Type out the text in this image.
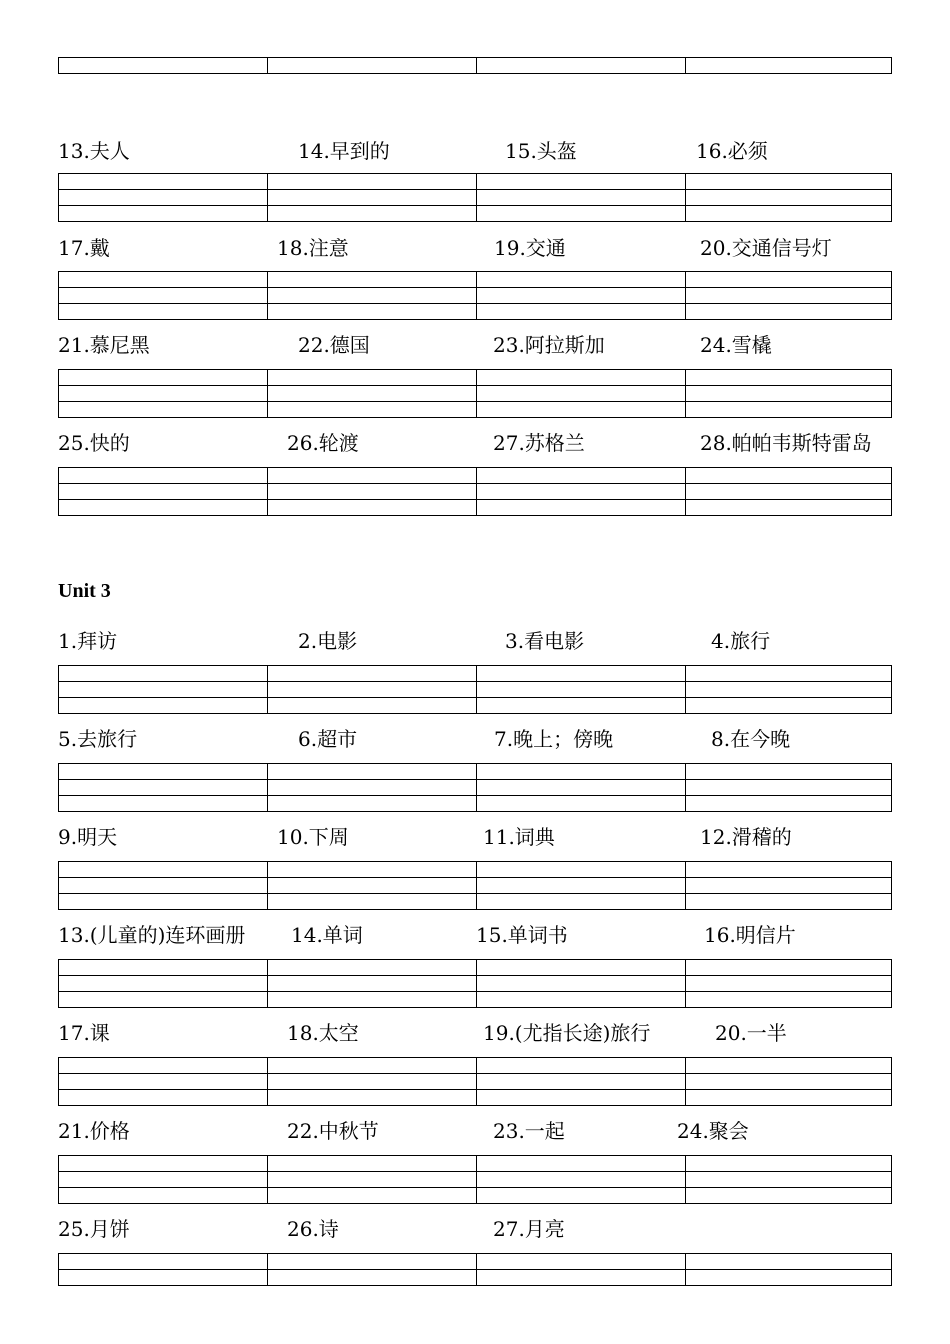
Unit 3
13.夫人	14.早到的	15.头盔	16.必须
17.戴	18.注意	19.交通	20.交通信号灯
21.慕尼黑	22.德国	23.阿拉斯加	24.雪橇
25.快的	26.轮渡	27.苏格兰	28.帕帕韦斯特雷岛
1.拜访	2.电影	3.看电影	4.旅行
5.去旅行	6.超市	7.晚上；傍晚	8.在今晚
9.明天	10.下周	11.词典	12.滑稽的
13.(儿童的)连环画册 14.单词	15.单词书	16.明信片
17.课	18.太空	19.(尤指长途)旅行	20.一半
21.价格	22.中秋节	23.一起	24.聚会
25.月饼	26.诗	27.月亮
